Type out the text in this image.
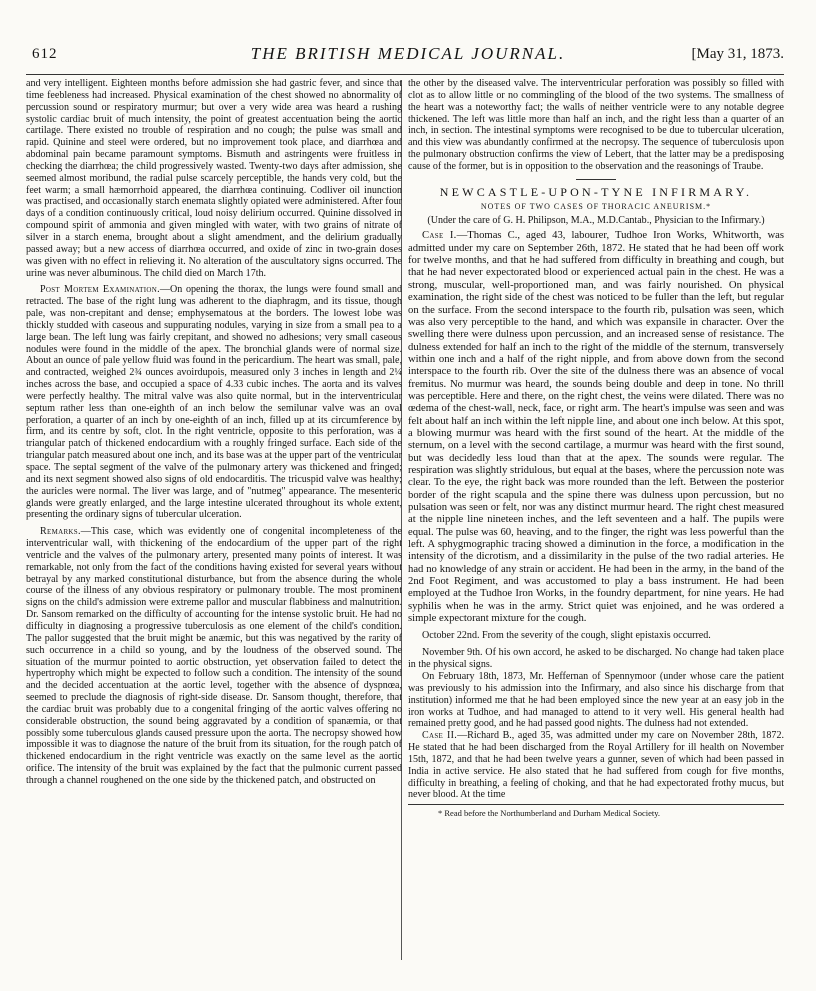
612	THE BRITISH MEDICAL JOURNAL.	[May 31, 1873.

and very intelligent. Eighteen months before admission she had gastric fever, and since that time feebleness had increased. Physical examination of the chest showed no abnormality of percussion sound or respiratory murmur; but over a very wide area was heard a rushing systolic cardiac bruit of much intensity, the point of greatest accentuation being the aortic cartilage. There existed no trouble of respiration and no cough; the pulse was small and rapid. Quinine and steel were ordered, but no improvement took place, and diarrhœa and abdominal pain became paramount symptoms. Bismuth and astringents were fruitless in checking the diarrhœa; the child progressively wasted. Twenty-two days after admission, she seemed almost moribund, the radial pulse scarcely perceptible, the hands very cold, but the feet warm; a small hæmorrhoid appeared, the diarrhœa continuing. Codliver oil inunction was practised, and occasionally starch enemata slightly opiated were administered. After four days of a condition continuously critical, loud noisy delirium occurred. Quinine dissolved in compound spirit of ammonia and given mingled with water, with two grains of nitrate of silver in a starch enema, brought about a slight amendment, and the delirium gradually passed away; but a new access of diarrhœa occurred, and oxide of zinc in two-grain doses was given with no effect in relieving it. No alteration of the auscultatory signs occurred. The urine was never albuminous. The child died on March 17th.

Post Mortem Examination.—On opening the thorax, the lungs were found small and retracted. The base of the right lung was adherent to the diaphragm, and its tissue, though pale, was non-crepitant and dense; emphysematous at the borders. The lowest lobe was thickly studded with caseous and suppurating nodules, varying in size from a small pea to a large bean. The left lung was fairly crepitant, and showed no adhesions; very small caseous nodules were found in the middle of the apex. The bronchial glands were of normal size. About an ounce of pale yellow fluid was found in the pericardium. The heart was small, pale, and contracted, weighed 2¾ ounces avoirdupois, measured only 3 inches in length and 2¼ inches across the base, and occupied a space of 4.33 cubic inches. The aorta and its valves were perfectly healthy. The mitral valve was also quite normal, but in the interventricular septum rather less than one-eighth of an inch below the semilunar valve was an oval perforation, a quarter of an inch by one-eighth of an inch, filled up at its circumference by firm, and its centre by soft, clot. In the right ventricle, opposite to this perforation, was a triangular patch of thickened endocardium with a roughly fringed surface. Each side of the triangular patch measured about one inch, and its base was at the upper part of the ventricular space. The septal segment of the valve of the pulmonary artery was thickened and fringed; and its next segment showed also signs of old endocarditis. The tricuspid valve was healthy; the auricles were normal. The liver was large, and of "nutmeg" appearance. The mesenteric glands were greatly enlarged, and the large intestine ulcerated throughout its whole extent, presenting the ordinary signs of tubercular ulceration.

Remarks.—This case, which was evidently one of congenital incompleteness of the interventricular wall, with thickening of the endocardium of the upper part of the right ventricle and the valves of the pulmonary artery, presented many points of interest. It was remarkable, not only from the fact of the conditions having existed for several years without betrayal by any marked constitutional disturbance, but from the absence during the whole course of the illness of any obvious respiratory or pulmonary trouble. The most prominent signs on the child's admission were extreme pallor and muscular flabbiness and malnutrition. Dr. Sansom remarked on the difficulty of accounting for the intense systolic bruit. He had no difficulty in diagnosing a progressive tuberculosis as one element of the child's condition. The pallor suggested that the bruit might be anæmic, but this was negatived by the rarity of such occurrence in a child so young, and by the loudness of the observed sound. The situation of the murmur pointed to aortic obstruction, yet observation failed to detect the hypertrophy which might be expected to follow such a condition. The intensity of the sound and the decided accentuation at the aortic level, together with the absence of dyspnœa, seemed to preclude the diagnosis of right-side disease. Dr. Sansom thought, therefore, that the cardiac bruit was probably due to a congenital fringing of the aortic valves offering no considerable obstruction, the sound being aggravated by a condition of spanæmia, or that possibly some tuberculous glands caused pressure upon the aorta. The necropsy showed how impossible it was to diagnose the nature of the bruit from its situation, for the rough patch of thickened endocardium in the right ventricle was exactly on the same level as the aortic orifice. The intensity of the bruit was explained by the fact that the pulmonic current passed through a channel roughened on the one side by the thickened patch, and obstructed on

the other by the diseased valve. The interventricular perforation was possibly so filled with clot as to allow little or no commingling of the blood of the two systems. The smallness of the heart was a noteworthy fact; the walls of neither ventricle were to any notable degree thickened. The left was little more than half an inch, and the right less than a quarter of an inch, in section. The intestinal symptoms were recognised to be due to tubercular ulceration, and this view was abundantly confirmed at the necropsy. The sequence of tuberculosis upon the pulmonary obstruction confirms the view of Lebert, that the latter may be a predisposing cause of the former, but is in opposition to the observation and the reasonings of Traube.

NEWCASTLE-UPON-TYNE INFIRMARY.
NOTES OF TWO CASES OF THORACIC ANEURISM.*
(Under the care of G. H. Philipson, M.A., M.D.Cantab., Physician to the Infirmary.)

Case I.—Thomas C., aged 43, labourer, Tudhoe Iron Works, Whitworth, was admitted under my care on September 26th, 1872. He stated that he had been off work for twelve months, and that he had suffered from difficulty in breathing and cough, but that he had never expectorated blood or experienced actual pain in the chest. He was a strong, muscular, well-proportioned man, and was fairly nourished. On physical examination, the right side of the chest was noticed to be fuller than the left, but regular on the surface. From the second interspace to the fourth rib, pulsation was seen, which was also very perceptible to the hand, and which was expansile in character. Over the swelling there were dulness upon percussion, and an increased sense of resistance. The dulness extended for half an inch to the right of the middle of the sternum, transversely within one inch and a half of the right nipple, and from above down from the second interspace to the fourth rib. Over the site of the dulness there was an absence of vocal fremitus. No murmur was heard, the sounds being double and deep in tone. No thrill was perceptible. Here and there, on the right chest, the veins were dilated. There was no œdema of the chest-wall, neck, face, or right arm. The heart's impulse was seen and was felt about half an inch within the left nipple line, and about one inch below. At this spot, a blowing murmur was heard with the first sound of the heart. At the middle of the sternum, on a level with the second cartilage, a murmur was heard with the first sound, but was decidedly less loud than that at the apex. The sounds were regular. The respiration was slightly stridulous, but equal at the bases, where the percussion note was clear. To the eye, the right back was more rounded than the left. Between the posterior border of the right scapula and the spine there was dulness upon percussion, but no pulsation was seen or felt, nor was any distinct murmur heard. The right chest measured at the nipple line nineteen inches, and the left seventeen and a half. The pupils were equal. The pulse was 60, heaving, and to the finger, the right was less powerful than the left. A sphygmographic tracing showed a diminution in the force, a modification in the intensity of the dicrotism, and a dissimilarity in the pulse of the two radial arteries. He had no knowledge of any strain or accident. He had been in the army, in the band of the 2nd Foot Regiment, and was accustomed to play a bass instrument. He had been employed at the Tudhoe Iron Works, in the foundry department, for nine years. He had syphilis when he was in the army. Strict quiet was enjoined, and he was ordered a simple expectorant mixture for the cough.

October 22nd. From the severity of the cough, slight epistaxis occurred.

November 9th. Of his own accord, he asked to be discharged. No change had taken place in the physical signs.

On February 18th, 1873, Mr. Heffernan of Spennymoor (under whose care the patient was previously to his admission into the Infirmary, and also since his discharge from that institution) informed me that he had been employed since the new year at an easy job in the iron works at Tudhoe, and had managed to attend to it very well. His general health had remained pretty good, and he had passed good nights. The dulness had not extended.

Case II.—Richard B., aged 35, was admitted under my care on November 28th, 1872. He stated that he had been discharged from the Royal Artillery for ill health on November 15th, 1872, and that he had been twelve years a gunner, seven of which had been passed in India in active service. He also stated that he had suffered from cough for five months, difficulty in breathing, a feeling of choking, and that he had expectorated frothy mucus, but never blood. At the time

* Read before the Northumberland and Durham Medical Society.
